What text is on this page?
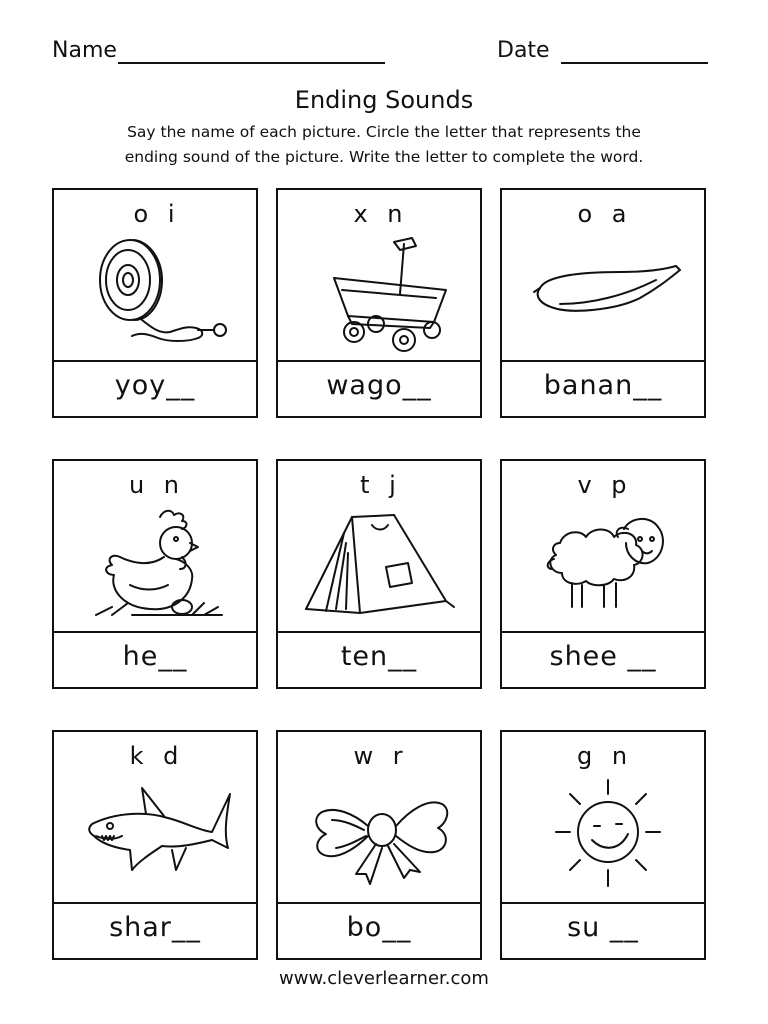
Name	Date
Ending Sounds
Say the name of each picture. Circle the letter that represents the
ending sound of the picture. Write the letter to complete the word.
o i
yoy__
x n
wago__
o a
banan__
u n
he__
t j
ten__
v p
shee __
k d
shar__
w r
bo__
g n
su __
www.cleverlearner.com
